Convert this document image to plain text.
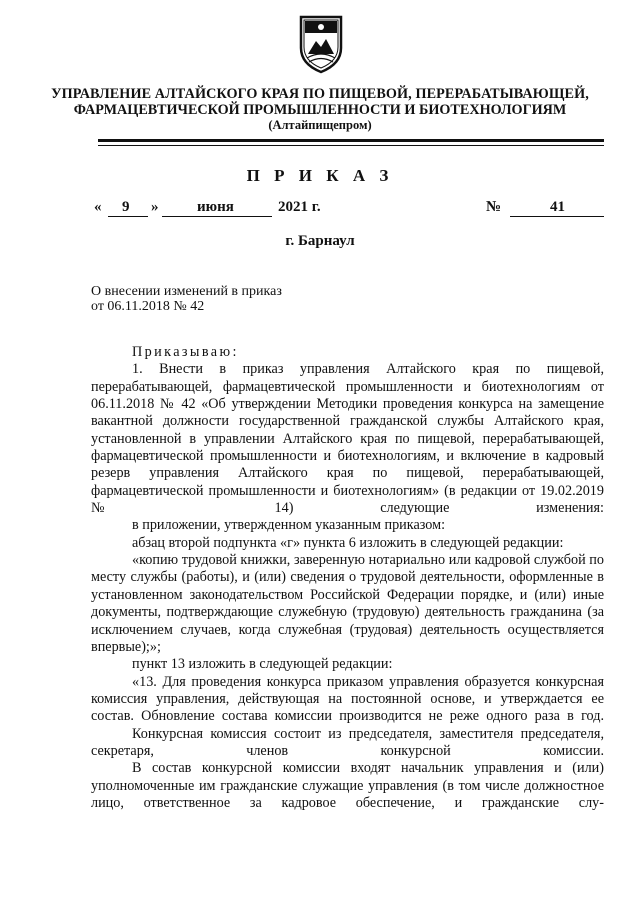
УПРАВЛЕНИЕ АЛТАЙСКОГО КРАЯ ПО ПИЩЕВОЙ, ПЕРЕРАБАТЫВАЮЩЕЙ,
ФАРМАЦЕВТИЧЕСКОЙ ПРОМЫШЛЕННОСТИ И БИОТЕХНОЛОГИЯМ
(Алтайпищепром)
П Р И К А З
« 9 »	июня	2021 г.	№	41
г. Барнаул
О внесении изменений в приказ
от 06.11.2018 № 42

Приказываю:

1. Внести в приказ управления Алтайского края по пищевой, перерабатывающей, фармацевтической промышленности и биотехнологиям от 06.11.2018 № 42 «Об утверждении Методики проведения конкурса на замещение вакантной должности государственной гражданской службы Алтайского края, установленной в управлении Алтайского края по пищевой, перерабатывающей, фармацевтической промышленности и биотехнологиям, и включение в кадровый резерв управления Алтайского края по пищевой, перерабатывающей, фармацевтической промышленности и биотехнологиям» (в редакции от 19.02.2019 № 14) следующие изменения:

в приложении, утвержденном указанным приказом:

абзац второй подпункта «г» пункта 6 изложить в следующей редакции:

«копию трудовой книжки, заверенную нотариально или кадровой службой по месту службы (работы), и (или) сведения о трудовой деятельности, оформленные в установленном законодательством Российской Федерации порядке, и (или) иные документы, подтверждающие служебную (трудовую) деятельность гражданина (за исключением случаев, когда служебная (трудовая) деятельность осуществляется впервые);»;

пункт 13 изложить в следующей редакции:

«13. Для проведения конкурса приказом управления образуется конкурсная комиссия управления, действующая на постоянной основе, и утверждается ее состав. Обновление состава комиссии производится не реже одного раза в год.

Конкурсная комиссия состоит из председателя, заместителя председателя, секретаря, членов конкурсной комиссии.

В состав конкурсной комиссии входят начальник управления и (или) уполномоченные им гражданские служащие управления (в том числе должностное лицо, ответственное за кадровое обеспечение, и гражданские слу-
